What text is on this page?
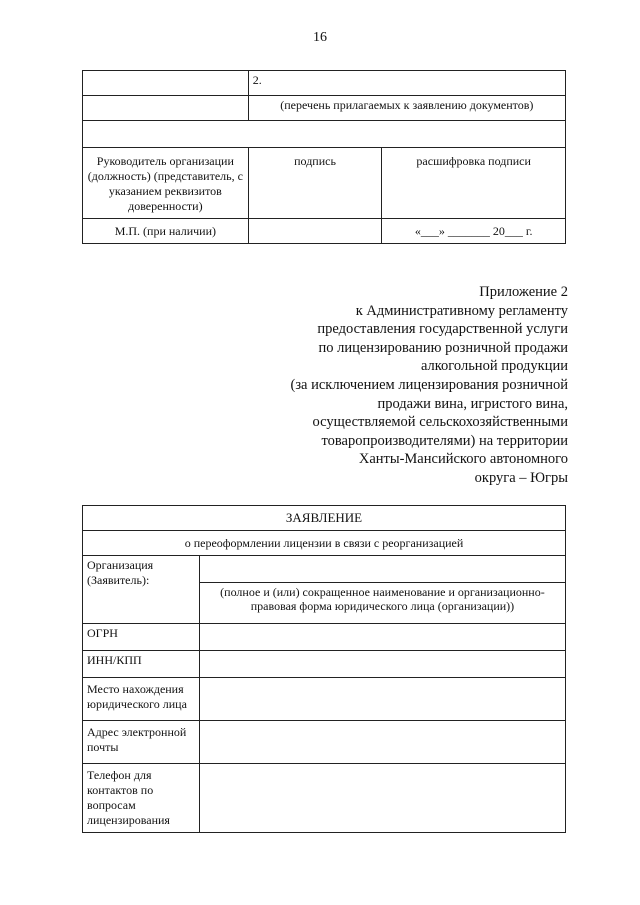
16
	2.	
	(перечень прилагаемых к заявлению документов)	

Руководитель организации (должность) (представитель, с указанием реквизитов доверенности)	подпись	расшифровка подписи
М.П. (при наличии)		«___» _______ 20___ г.
Приложение 2
к Административному регламенту
предоставления государственной услуги
по лицензированию розничной продажи
алкогольной продукции
(за исключением лицензирования розничной
продажи вина, игристого вина,
осуществляемой сельскохозяйственными
товаропроизводителями) на территории
Ханты-Мансийского автономного
округа – Югры
ЗАЯВЛЕНИЕ	
о переоформлении лицензии в связи с реорганизацией	
Организация (Заявитель):	
	(полное и (или) сокращенное наименование и организационно-правовая форма юридического лица (организации))
ОГРН	
ИНН/КПП	
Место нахождения юридического лица	
Адрес электронной почты	
Телефон для контактов по вопросам лицензирования	
